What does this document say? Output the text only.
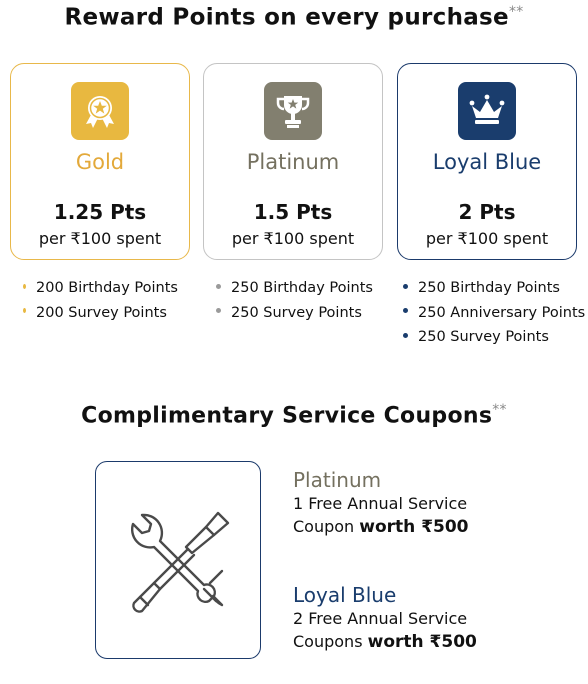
Reward Points on every purchase**
Gold
1.25 Pts
per ₹100 spent
Platinum
1.5 Pts
per ₹100 spent
Loyal Blue
2 Pts
per ₹100 spent
200 Birthday Points
200 Survey Points
250 Birthday Points
250 Survey Points
250 Birthday Points
250 Anniversary Points
250 Survey Points
Complimentary Service Coupons**
Platinum
1 Free Annual Service
Coupon worth ₹500
Loyal Blue
2 Free Annual Service
Coupons worth ₹500
